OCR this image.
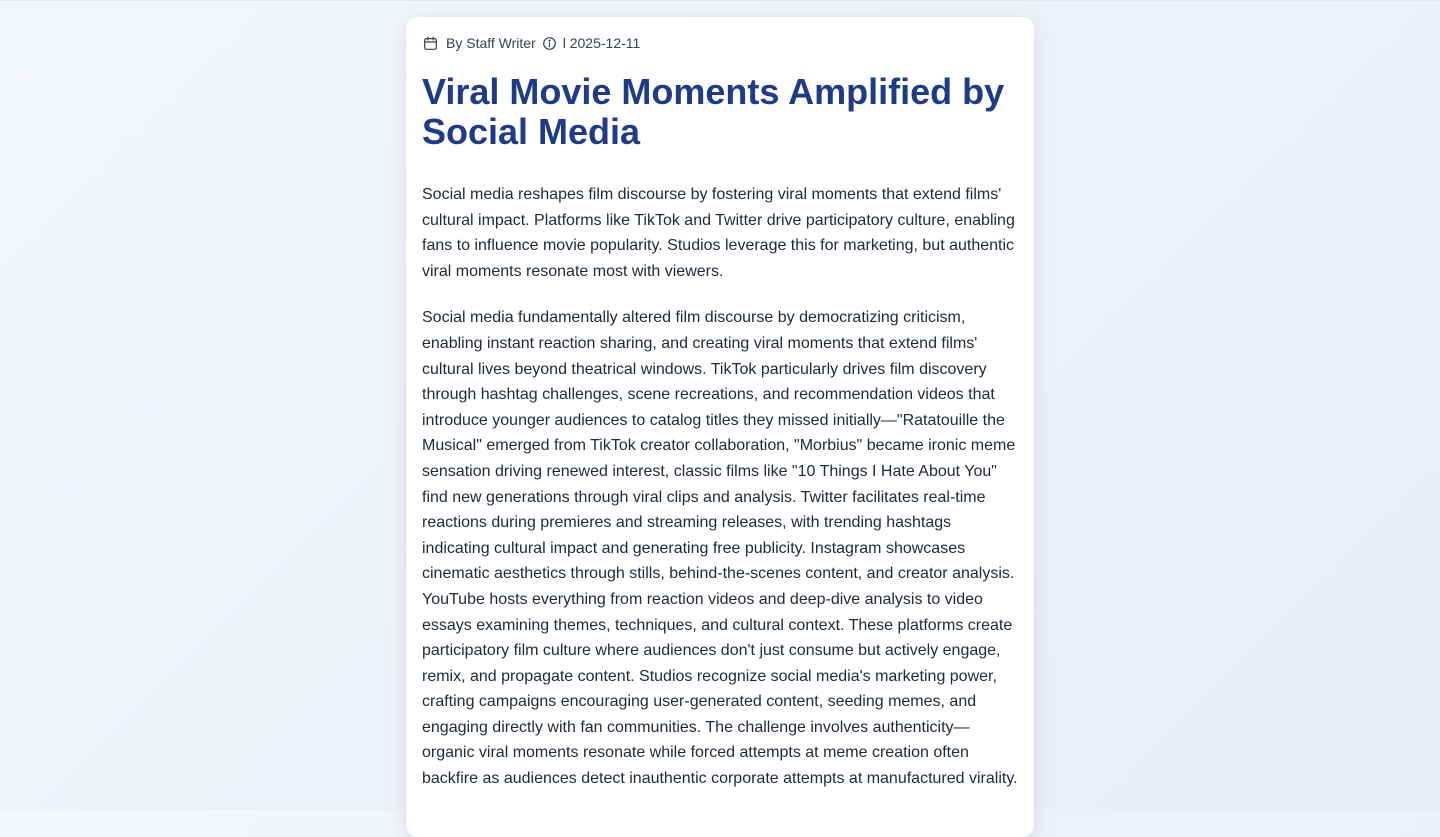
By Staff Writer l 2025-12-11
Viral Movie Moments Amplified by Social Media

Social media reshapes film discourse by fostering viral moments that extend films' cultural impact. Platforms like TikTok and Twitter drive participatory culture, enabling fans to influence movie popularity. Studios leverage this for marketing, but authentic viral moments resonate most with viewers.

Social media fundamentally altered film discourse by democratizing criticism, enabling instant reaction sharing, and creating viral moments that extend films' cultural lives beyond theatrical windows. TikTok particularly drives film discovery through hashtag challenges, scene recreations, and recommendation videos that introduce younger audiences to catalog titles they missed initially—"Ratatouille the Musical" emerged from TikTok creator collaboration, "Morbius" became ironic meme sensation driving renewed interest, classic films like "10 Things I Hate About You" find new generations through viral clips and analysis. Twitter facilitates real-time reactions during premieres and streaming releases, with trending hashtags indicating cultural impact and generating free publicity. Instagram showcases cinematic aesthetics through stills, behind-the-scenes content, and creator analysis. YouTube hosts everything from reaction videos and deep-dive analysis to video essays examining themes, techniques, and cultural context. These platforms create participatory film culture where audiences don't just consume but actively engage, remix, and propagate content. Studios recognize social media's marketing power, crafting campaigns encouraging user-generated content, seeding memes, and engaging directly with fan communities. The challenge involves authenticity—organic viral moments resonate while forced attempts at meme creation often backfire as audiences detect inauthentic corporate attempts at manufactured virality.
